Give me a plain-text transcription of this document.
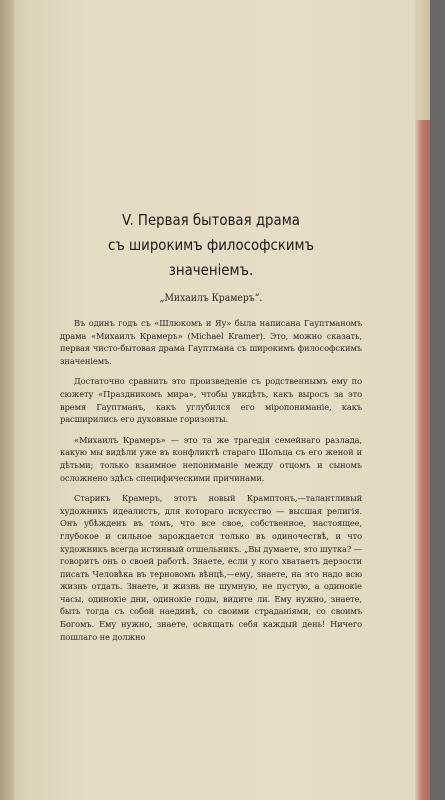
V. Первая бытовая драма
съ широкимъ философскимъ значеніемъ.
„Михаилъ Крамеръ“.

Въ одинъ годъ съ «Шлюкомъ и Яу» была написана Гауптманомъ драма «Михаилъ Крамеръ» (Michael Kramer). Это, можно сказать, первая чисто-бытовая драма Гауптмана съ широкимъ философскимъ значеніемъ.

Достаточно сравнить это произведеніе съ родственнымъ ему по сюжету «Праздникомъ мира», чтобы увидѣть, какъ выросъ за это время Гауптманъ, какъ углубился его міропониманіе, какъ расширились его духовные горизонты.

«Михаилъ Крамеръ» — это та же трагедія семейнаго разлада, какую мы видѣли уже въ конфликтѣ стараго Шольца съ его женой и дѣтьми; только взаимное непониманіе между отцомъ и сыномъ осложнено здѣсь специфическими причинами.

Старикъ Крамеръ, этотъ новый Крамптонъ,—талантливый художникъ идеалистъ, для котораго искусство — высшая религія. Онъ убѣжденъ въ томъ, что все свое, собственное, настоящее, глубокое и сильное зарождается только въ одиночествѣ, и что художникъ всегда истинный отшельникъ. „Вы думаете, это шутка? — говоритъ онъ о своей работѣ. Знаете, если у кого хватаетъ дерзости писать Человѣка въ терновомъ вѣнцѣ,—ему, знаете, на это надо всю жизнь отдать. Знаете, и жизнь не шумную, не пустую, а одинокіе часы, одинокіе дни, одинокіе годы, видите ли. Ему нужно, знаете, быть тогда съ собой наединѣ, со своими страданіями, со своимъ Богомъ. Ему нужно, знаете, освящать себя каждый день! Ничего пошлаго не должно
